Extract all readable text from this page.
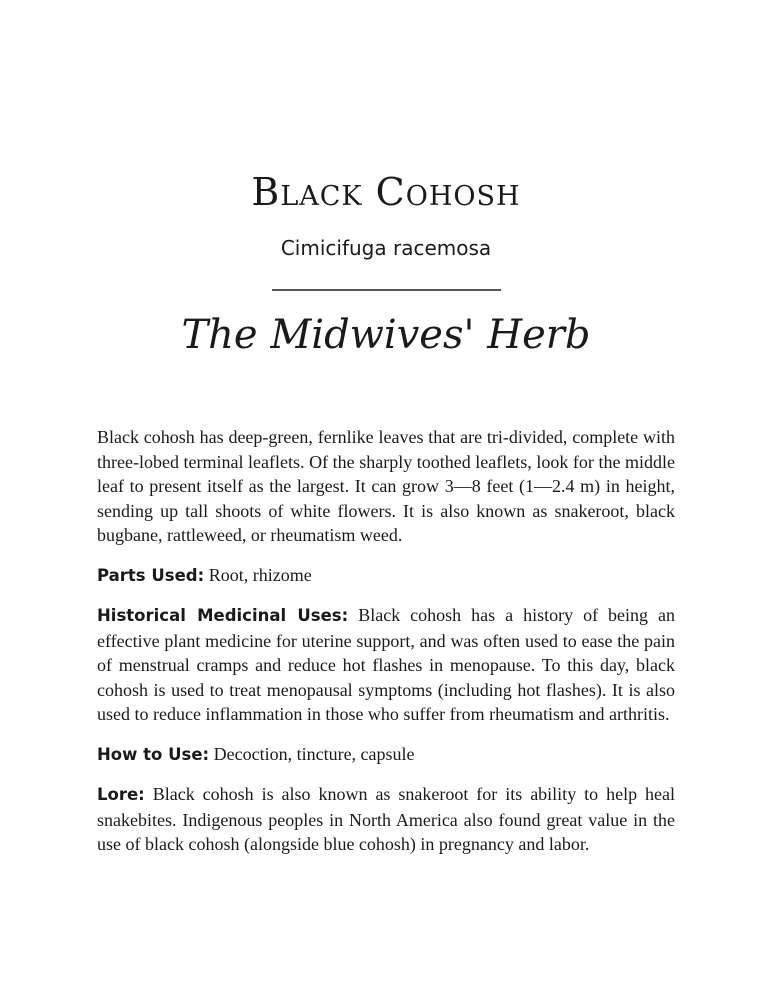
Black Cohosh
Cimicifuga racemosa
The Midwives' Herb

Black cohosh has deep-green, fernlike leaves that are tri-divided, complete with three-lobed terminal leaflets. Of the sharply toothed leaflets, look for the middle leaf to present itself as the largest. It can grow 3—8 feet (1—2.4 m) in height, sending up tall shoots of white flowers. It is also known as snakeroot, black bugbane, rattleweed, or rheumatism weed.

Parts Used: Root, rhizome

Historical Medicinal Uses: Black cohosh has a history of being an effective plant medicine for uterine support, and was often used to ease the pain of menstrual cramps and reduce hot flashes in menopause. To this day, black cohosh is used to treat menopausal symptoms (including hot flashes). It is also used to reduce inflammation in those who suffer from rheumatism and arthritis.

How to Use: Decoction, tincture, capsule

Lore: Black cohosh is also known as snakeroot for its ability to help heal snakebites. Indigenous peoples in North America also found great value in the use of black cohosh (alongside blue cohosh) in pregnancy and labor.
